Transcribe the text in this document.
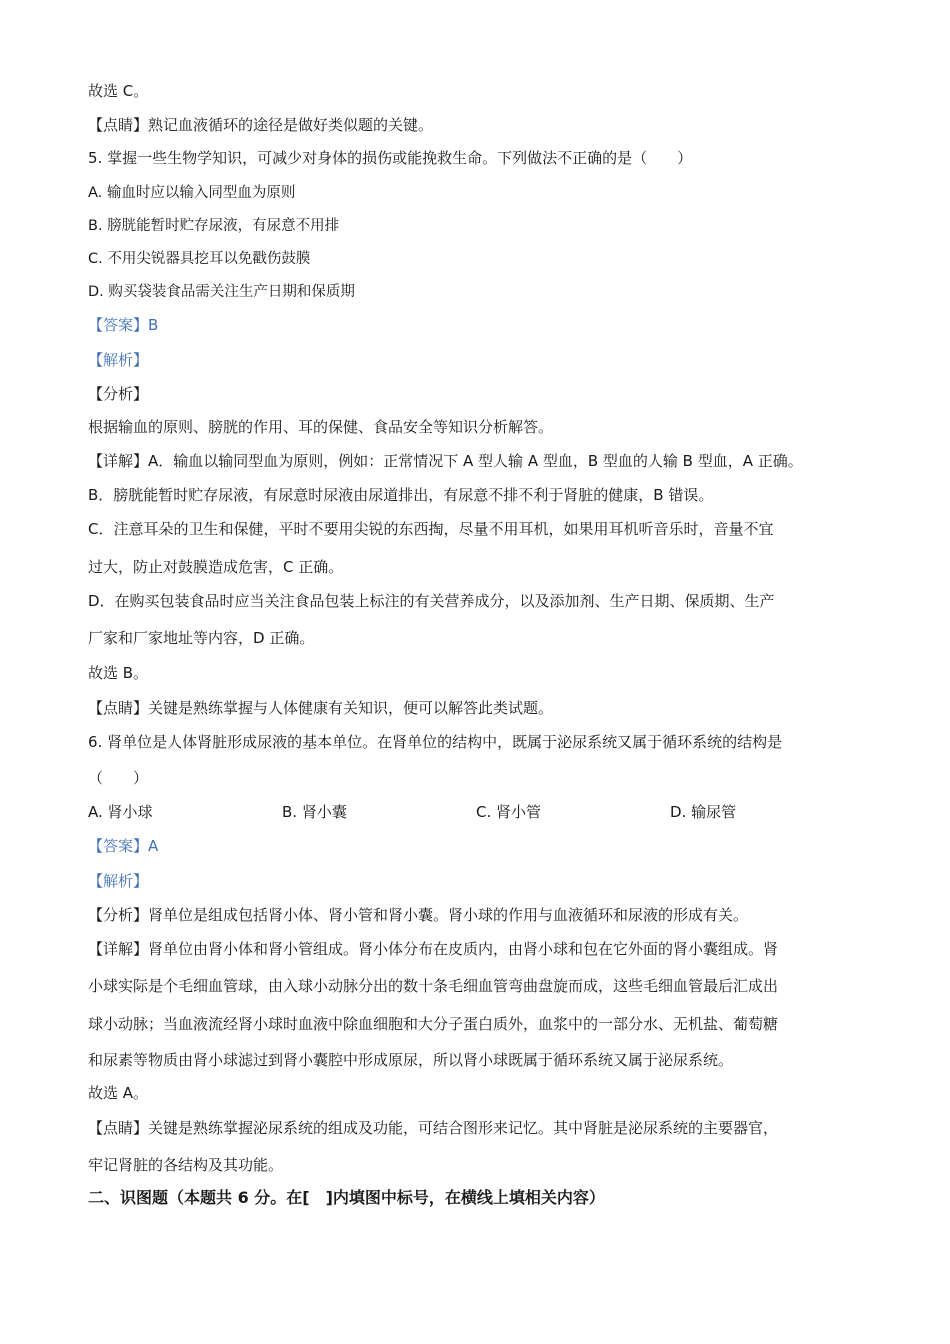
故选 C。
【点睛】熟记血液循环的途径是做好类似题的关键。
5. 掌握一些生物学知识，可减少对身体的损伤或能挽救生命。下列做法不正确的是（　　）
A. 输血时应以输入同型血为原则
B. 膀胱能暂时贮存尿液，有尿意不用排
C. 不用尖锐器具挖耳以免戳伤鼓膜
D. 购买袋装食品需关注生产日期和保质期
【答案】B
【解析】
【分析】
根据输血的原则、膀胱的作用、耳的保健、食品安全等知识分析解答。
【详解】A．输血以输同型血为原则，例如：正常情况下 A 型人输 A 型血，B 型血的人输 B 型血，A 正确。
B．膀胱能暂时贮存尿液，有尿意时尿液由尿道排出，有尿意不排不利于肾脏的健康，B 错误。
C．注意耳朵的卫生和保健，平时不要用尖锐的东西掏，尽量不用耳机，如果用耳机听音乐时，音量不宜
过大，防止对鼓膜造成危害，C 正确。
D．在购买包装食品时应当关注食品包装上标注的有关营养成分，以及添加剂、生产日期、保质期、生产
厂家和厂家地址等内容，D 正确。
故选 B。
【点睛】关键是熟练掌握与人体健康有关知识，便可以解答此类试题。
6. 肾单位是人体肾脏形成尿液的基本单位。在肾单位的结构中，既属于泌尿系统又属于循环系统的结构是
（　　）
A. 肾小球	B. 肾小囊	C. 肾小管	D. 输尿管
【答案】A
【解析】
【分析】肾单位是组成包括肾小体、肾小管和肾小囊。肾小球的作用与血液循环和尿液的形成有关。
【详解】肾单位由肾小体和肾小管组成。肾小体分布在皮质内，由肾小球和包在它外面的肾小囊组成。肾
小球实际是个毛细血管球，由入球小动脉分出的数十条毛细血管弯曲盘旋而成，这些毛细血管最后汇成出
球小动脉；当血液流经肾小球时血液中除血细胞和大分子蛋白质外，血浆中的一部分水、无机盐、葡萄糖
和尿素等物质由肾小球滤过到肾小囊腔中形成原尿，所以肾小球既属于循环系统又属于泌尿系统。
故选 A。
【点睛】关键是熟练掌握泌尿系统的组成及功能，可结合图形来记忆。其中肾脏是泌尿系统的主要器官，
牢记肾脏的各结构及其功能。
二、识图题（本题共 6 分。在[　]内填图中标号，在横线上填相关内容）
